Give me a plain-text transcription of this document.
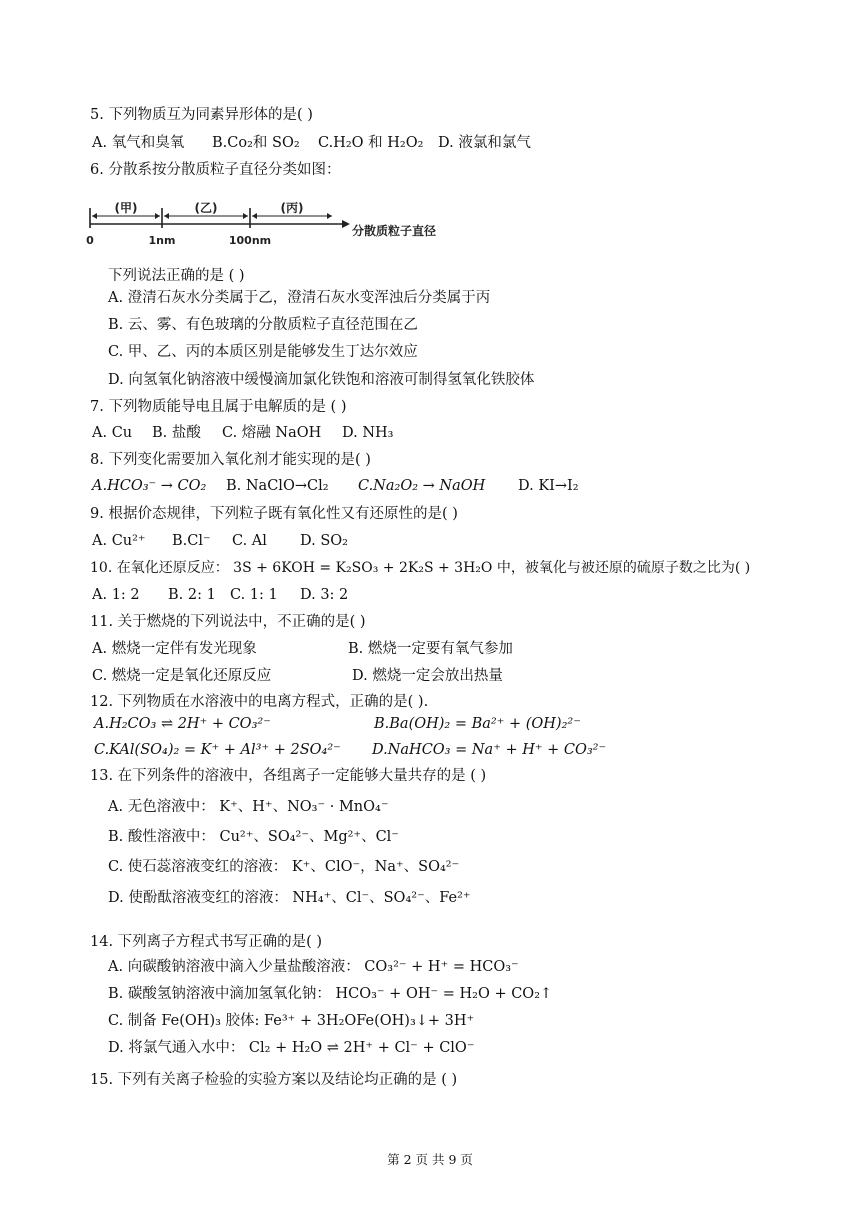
5. 下列物质互为同素异形体的是( )
A. 氧气和臭氧 B.Co₂和 SO₂ C.H₂O 和 H₂O₂ D. 液氯和氯气
6. 分散系按分散质粒子直径分类如图：
(甲)	(乙)	(丙)
0	1nm	100nm
分散质粒子直径
下列说法正确的是 ( )
A. 澄清石灰水分类属于乙，澄清石灰水变浑浊后分类属于丙
B. 云、雾、有色玻璃的分散质粒子直径范围在乙
C. 甲、乙、丙的本质区别是能够发生丁达尔效应
D. 向氢氧化钠溶液中缓慢滴加氯化铁饱和溶液可制得氢氧化铁胶体
7. 下列物质能导电且属于电解质的是 ( )
A. Cu B. 盐酸 C. 熔融 NaOH D. NH₃
8. 下列变化需要加入氧化剂才能实现的是( )
A.HCO₃⁻ → CO₂ B. NaClO→Cl₂ C.Na₂O₂ → NaOH D. KI→I₂
9. 根据价态规律，下列粒子既有氧化性又有还原性的是( )
A. Cu²⁺ B.Cl⁻ C. Al D. SO₂
10. 在氧化还原反应： 3S + 6KOH = K₂SO₃ + 2K₂S + 3H₂O 中，被氧化与被还原的硫原子数之比为( )
A. 1: 2 B. 2: 1 C. 1: 1 D. 3: 2
11. 关于燃烧的下列说法中，不正确的是( )
A. 燃烧一定伴有发光现象	B. 燃烧一定要有氧气参加
C. 燃烧一定是氧化还原反应	D. 燃烧一定会放出热量
12. 下列物质在水溶液中的电离方程式，正确的是( ).
A.H₂CO₃ ⇌ 2H⁺ + CO₃²⁻	B.Ba(OH)₂ = Ba²⁺ + (OH)₂²⁻
C.KAl(SO₄)₂ = K⁺ + Al³⁺ + 2SO₄²⁻ D.NaHCO₃ = Na⁺ + H⁺ + CO₃²⁻
13. 在下列条件的溶液中，各组离子一定能够大量共存的是 ( )
A. 无色溶液中： K⁺、H⁺、NO₃⁻ · MnO₄⁻
B. 酸性溶液中： Cu²⁺、SO₄²⁻、Mg²⁺、Cl⁻
C. 使石蕊溶液变红的溶液： K⁺、ClO⁻，Na⁺、SO₄²⁻
D. 使酚酞溶液变红的溶液： NH₄⁺、Cl⁻、SO₄²⁻、Fe²⁺
14. 下列离子方程式书写正确的是( )
A. 向碳酸钠溶液中滴入少量盐酸溶液： CO₃²⁻ + H⁺ = HCO₃⁻
B. 碳酸氢钠溶液中滴加氢氧化钠： HCO₃⁻ + OH⁻ = H₂O + CO₂↑
C. 制备 Fe(OH)₃ 胶体: Fe³⁺ + 3H₂OFe(OH)₃↓+ 3H⁺
D. 将氯气通入水中： Cl₂ + H₂O ⇌ 2H⁺ + Cl⁻ + ClO⁻
15. 下列有关离子检验的实验方案以及结论均正确的是 ( )
第 2 页 共 9 页
